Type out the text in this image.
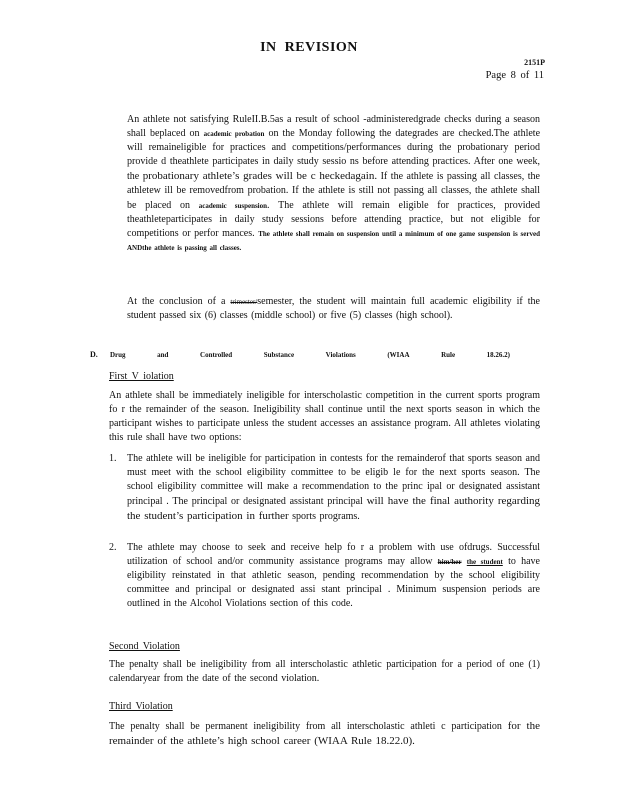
IN REVISION
2151P
Page 8 of 11
An athlete not satisfying RuleII.B.5as a result of school -administeredgrade checks during a season shall beplaced on academic probation on the Monday following the dategrades are checked.The athlete will remaineligible for practices and competitions/performances during the probationary period provide d theathlete participates in daily study sessio ns before attending practices. After one week, the probationary athlete’s grades will be c heckedagain. If the athlete is passing all classes, the athletew ill be removedfrom probation. If the athlete is still not passing all classes, the athlete shall be placed on academic suspension. The athlete will remain eligible for practices, provided theathleteparticipates in daily study sessions before attending practice, but not eligible for competitions or perfor mances. The athlete shall remain on suspension until a minimum of one game suspension is served ANDthe athlete is passing all classes.
At the conclusion of a trimester/semester, the student will maintain full academic eligibility if the student passed six (6) classes (middle school) or five (5) classes (high school).
D. Drug	and	Controlled	Substance	Violations	(WIAA	Rule	18.26.2)
First V iolation
An athlete shall be immediately ineligible for interscholastic competition in the current sports program fo r the remainder of the season. Ineligibility shall continue until the next sports season in which the participant wishes to participate unless the student accesses an assistance program. All athletes violating this rule shall have two options:
1. The athlete will be ineligible for participation in contests for the remainderof that sports season and must meet with the school eligibility committee to be eligib le for the next sports season. The school eligibility committee will make a recommendation to the princ ipal or designated assistant principal . The principal or designated assistant principal will have the final authority regarding the student’s participation in further sports programs.
2. The athlete may choose to seek and receive help fo r a problem with use ofdrugs. Successful utilization of school and/or community assistance programs may allow him/her the student to have eligibility reinstated in that athletic season, pending recommendation by the school eligibility committee and principal or designated assi stant principal . Minimum suspension periods are outlined in the Alcohol Violations section of this code.
Second Violation
The penalty shall be ineligibility from all interscholastic athletic participation for a period of one (1) calendaryear from the date of the second violation.
Third Violation
The penalty shall be permanent ineligibility from all interscholastic athleti c participation for the remainder of the athlete’s high school career (WIAA Rule 18.22.0).
